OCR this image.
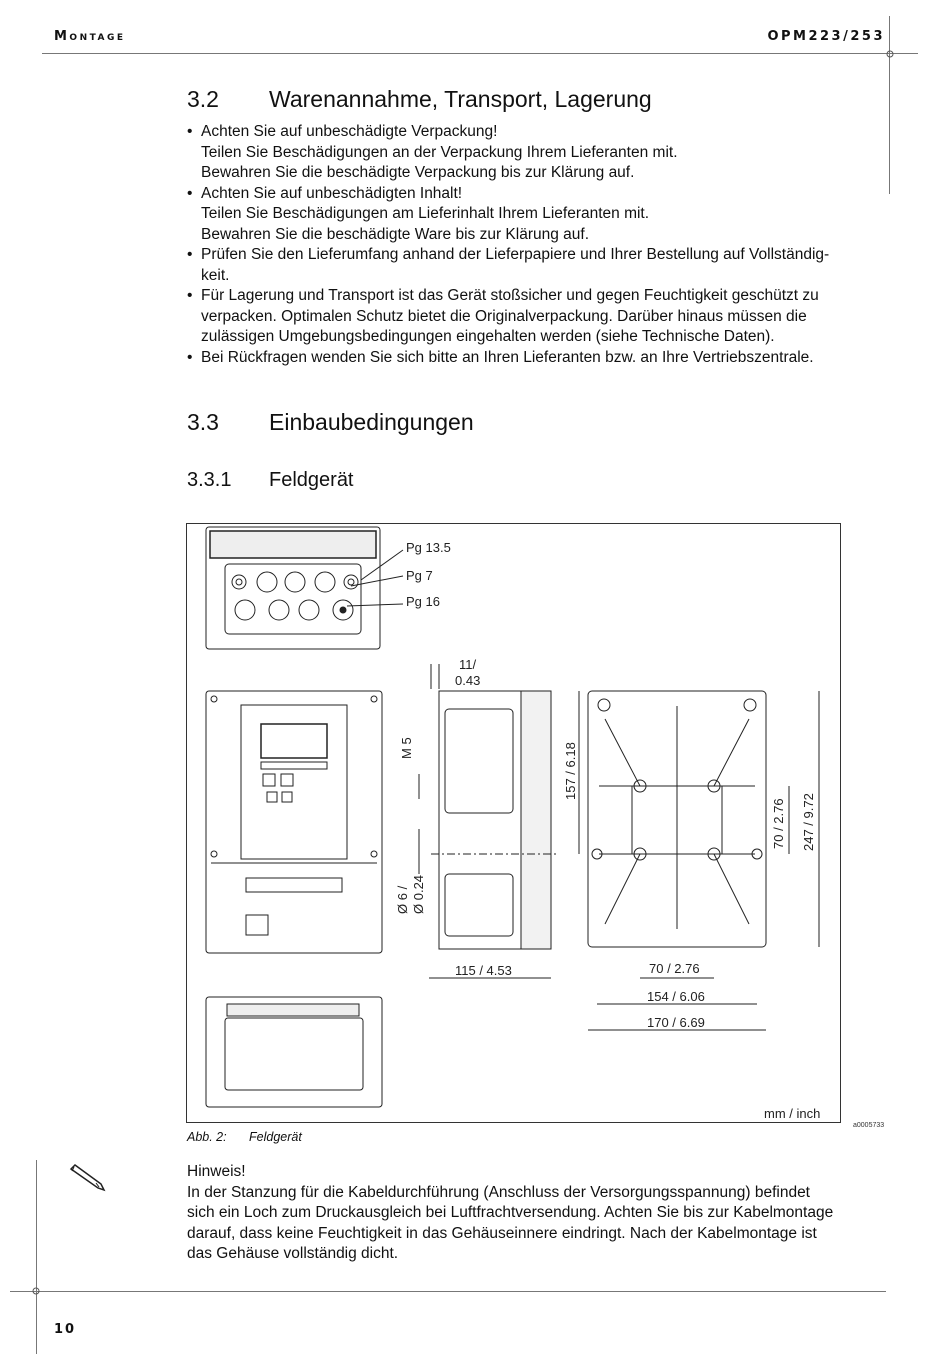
Montage	OPM223/253
3.2 Warenannahme, Transport, Lagerung
• Achten Sie auf unbeschädigte Verpackung!
Teilen Sie Beschädigungen an der Verpackung Ihrem Lieferanten mit.
Bewahren Sie die beschädigte Verpackung bis zur Klärung auf.
• Achten Sie auf unbeschädigten Inhalt!
Teilen Sie Beschädigungen am Lieferinhalt Ihrem Lieferanten mit.
Bewahren Sie die beschädigte Ware bis zur Klärung auf.
• Prüfen Sie den Lieferumfang anhand der Lieferpapiere und Ihrer Bestellung auf Vollständig-
keit.
• Für Lagerung und Transport ist das Gerät stoßsicher und gegen Feuchtigkeit geschützt zu
verpacken. Optimalen Schutz bietet die Originalverpackung. Darüber hinaus müssen die
zulässigen Umgebungsbedingungen eingehalten werden (siehe Technische Daten).
• Bei Rückfragen wenden Sie sich bitte an Ihren Lieferanten bzw. an Ihre Vertriebszentrale.
3.3 Einbaubedingungen
3.3.1 Feldgerät
Pg 13.5
Pg 7
Pg 16
11/
0.43
M 5
Ø 6 / Ø 0.24
157 / 6.18
70 / 2.76 247 / 9.72
115 / 4.53	70 / 2.76
154 / 6.06
170 / 6.69
mm / inch
a0005733
Abb. 2: Feldgerät
Hinweis!
In der Stanzung für die Kabeldurchführung (Anschluss der Versorgungsspannung) befindet
sich ein Loch zum Druckausgleich bei Luftfrachtversendung. Achten Sie bis zur Kabelmontage
darauf, dass keine Feuchtigkeit in das Gehäuseinnere eindringt. Nach der Kabelmontage ist
das Gehäuse vollständig dicht.
10
